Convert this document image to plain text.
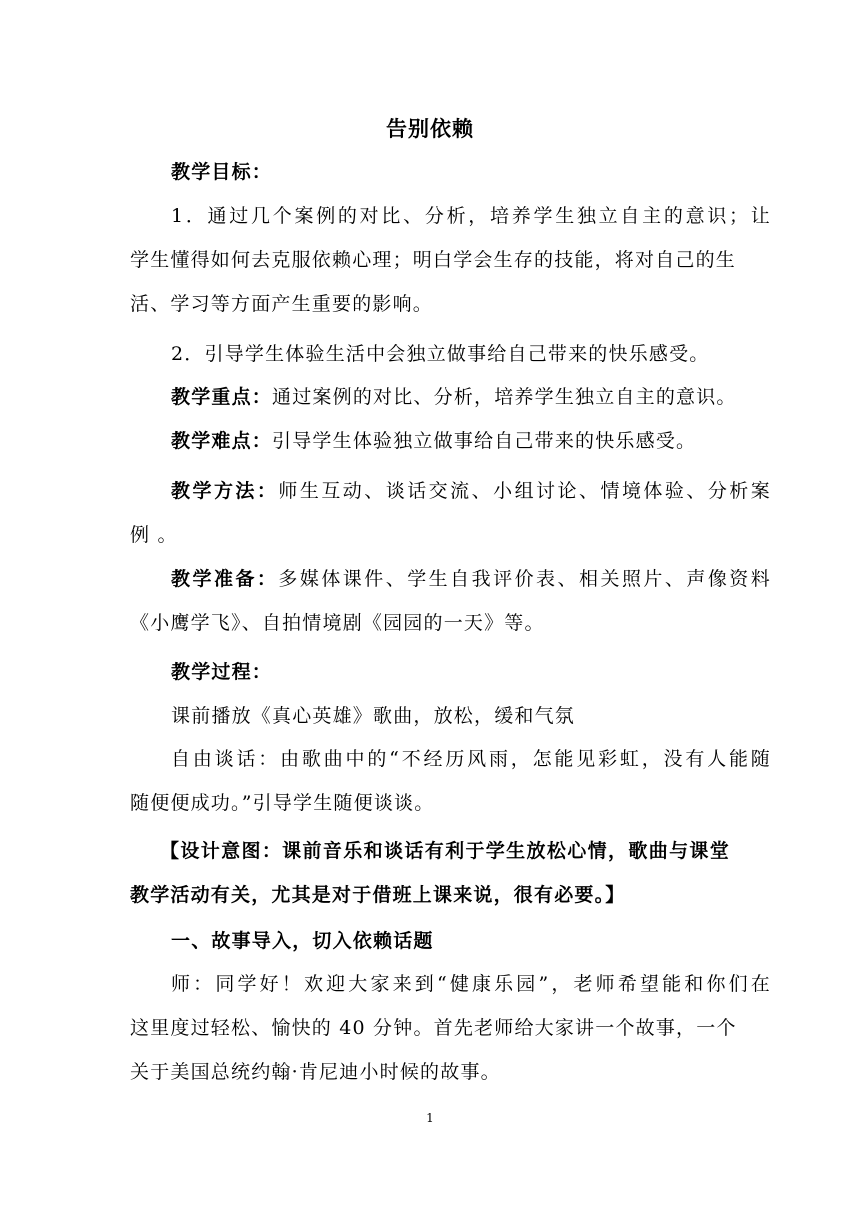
告别依赖
教学目标：
1．通过几个案例的对比、分析，培养学生独立自主的意识；让
学生懂得如何去克服依赖心理；明白学会生存的技能，将对自己的生
活、学习等方面产生重要的影响。
2．引导学生体验生活中会独立做事给自己带来的快乐感受。
教学重点：通过案例的对比、分析，培养学生独立自主的意识。
教学难点：引导学生体验独立做事给自己带来的快乐感受。
教学方法：师生互动、谈话交流、小组讨论、情境体验、分析案
例 。
教学准备：多媒体课件、学生自我评价表、相关照片、声像资料
《小鹰学飞》、自拍情境剧《园园的一天》等。
教学过程：
课前播放《真心英雄》歌曲，放松，缓和气氛
自由谈话：由歌曲中的“不经历风雨，怎能见彩虹，没有人能随
随便便成功。”引导学生随便谈谈。
【设计意图：课前音乐和谈话有利于学生放松心情，歌曲与课堂
教学活动有关，尤其是对于借班上课来说，很有必要。】
一、故事导入，切入依赖话题
师：同学好！欢迎大家来到“健康乐园”，老师希望能和你们在
这里度过轻松、愉快的 40 分钟。首先老师给大家讲一个故事，一个
关于美国总统约翰·肯尼迪小时候的故事。
1
